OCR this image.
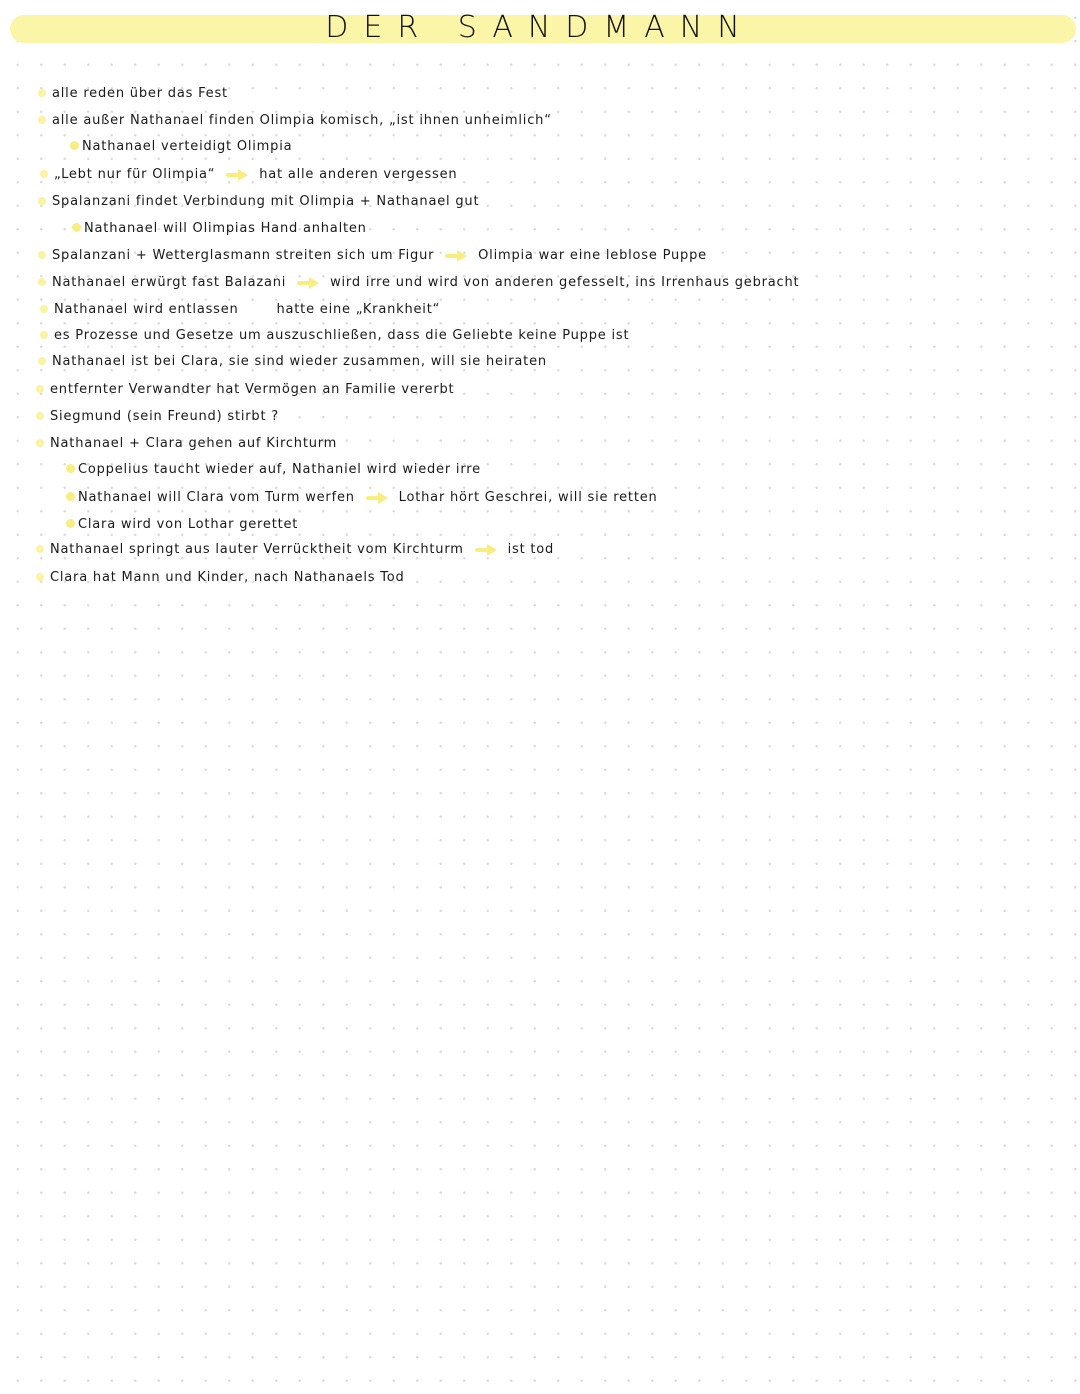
DER SANDMANN
alle reden über das Fest
alle außer Nathanael finden Olimpia komisch, „ist ihnen unheimlich“
Nathanael verteidigt Olimpia
„Lebt nur für Olimpia“	hat alle anderen vergessen
Spalanzani findet Verbindung mit Olimpia + Nathanael gut
Nathanael will Olimpias Hand anhalten
Spalanzani + Wetterglasmann streiten sich um Figur	Olimpia war eine leblose Puppe
Nathanael erwürgt fast Balazani	wird irre und wird von anderen gefesselt, ins Irrenhaus gebracht
Nathanael wird entlassen	hatte eine „Krankheit“
es Prozesse und Gesetze um auszuschließen, dass die Geliebte keine Puppe ist
Nathanael ist bei Clara, sie sind wieder zusammen, will sie heiraten
entfernter Verwandter hat Vermögen an Familie vererbt
Siegmund (sein Freund) stirbt ?
Nathanael + Clara gehen auf Kirchturm
Coppelius taucht wieder auf, Nathaniel wird wieder irre
Nathanael will Clara vom Turm werfen	Lothar hört Geschrei, will sie retten
Clara wird von Lothar gerettet
Nathanael springt aus lauter Verrücktheit vom Kirchturm	ist tod
Clara hat Mann und Kinder, nach Nathanaels Tod
